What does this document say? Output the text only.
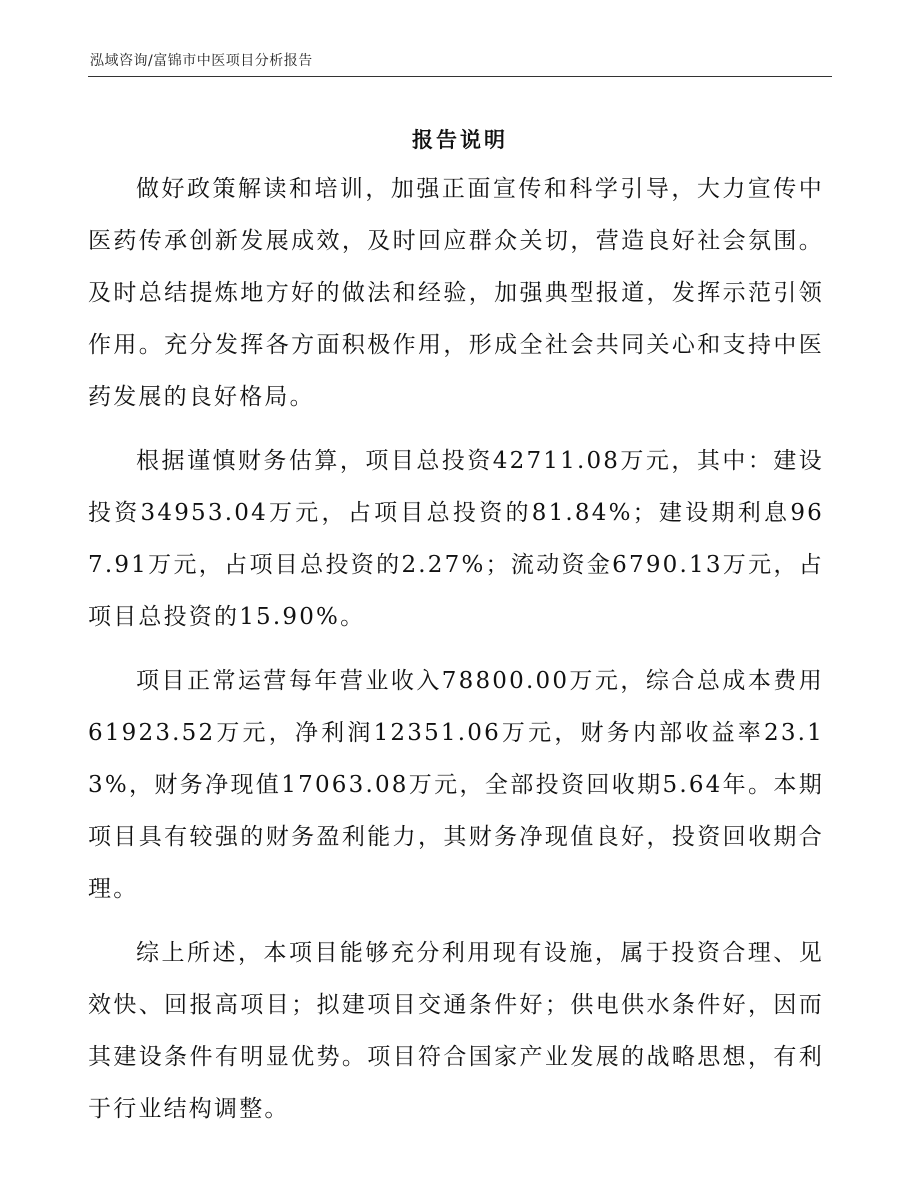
泓域咨询/富锦市中医项目分析报告
报告说明

做好政策解读和培训，加强正面宣传和科学引导，大力宣传中医药传承创新发展成效，及时回应群众关切，营造良好社会氛围。及时总结提炼地方好的做法和经验，加强典型报道，发挥示范引领作用。充分发挥各方面积极作用，形成全社会共同关心和支持中医药发展的良好格局。

根据谨慎财务估算，项目总投资42711.08万元，其中：建设投资34953.04万元，占项目总投资的81.84%；建设期利息967.91万元，占项目总投资的2.27%；流动资金6790.13万元，占项目总投资的15.90%。

项目正常运营每年营业收入78800.00万元，综合总成本费用61923.52万元，净利润12351.06万元，财务内部收益率23.13%，财务净现值17063.08万元，全部投资回收期5.64年。本期项目具有较强的财务盈利能力，其财务净现值良好，投资回收期合理。

综上所述，本项目能够充分利用现有设施，属于投资合理、见效快、回报高项目；拟建项目交通条件好；供电供水条件好，因而其建设条件有明显优势。项目符合国家产业发展的战略思想，有利于行业结构调整。
